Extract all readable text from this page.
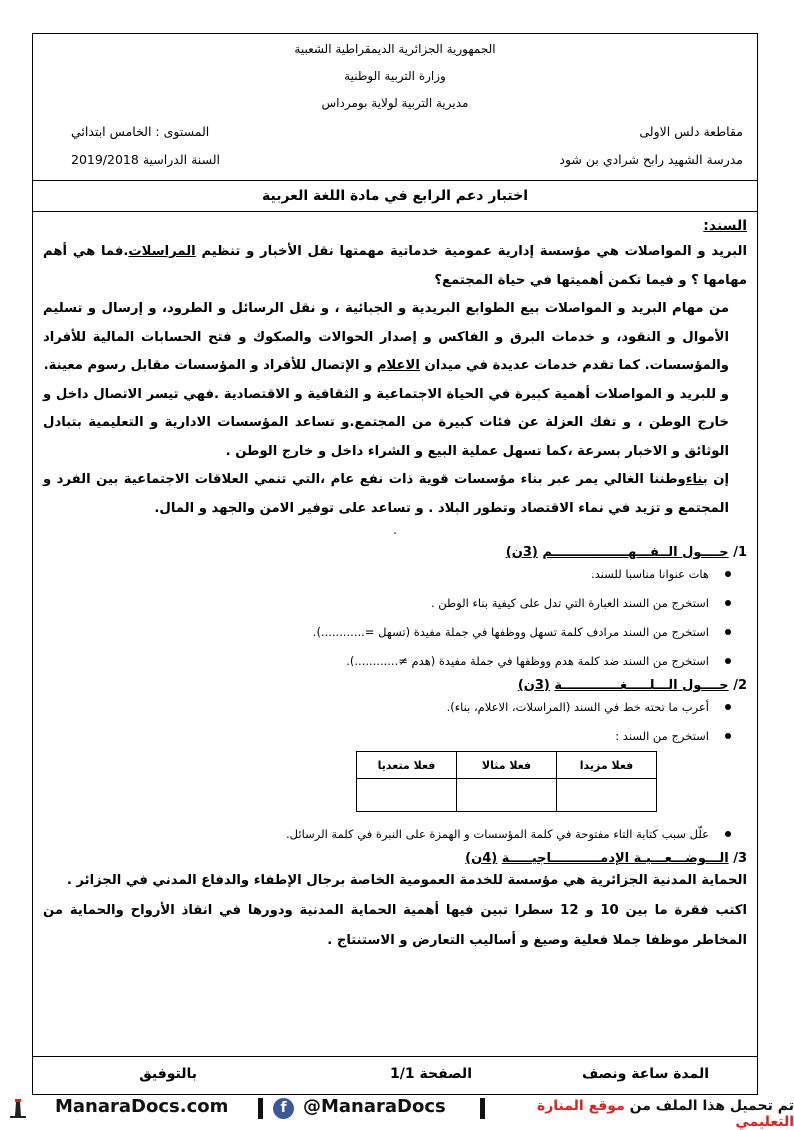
الجمهورية الجزائرية الديمقراطية الشعبية
وزارة التربية الوطنية
مديرية التربية لولاية بومرداس
مقاطعة دلس الاولى
المستوى : الخامس ابتدائي
مدرسة الشهيد رابح شرادي بن شود
السنة الدراسية 2019/2018
اختبار دعم الرابع في مادة اللغة العربية
السند:

البريد و المواصلات هي مؤسسة إدارية عمومية خدماتية مهمتها نقل الأخبار و تنظيم المراسلات.فما هي أهم مهامها ؟ و فيما تكمن أهميتها في حياة المجتمع؟

من مهام البريد و المواصلات بيع الطوابع البريدية و الجبائية ، و نقل الرسائل و الطرود، و إرسال و تسليم الأموال و النقود، و خدمات البرق و الفاكس و إصدار الحوالات والصكوك و فتح الحسابات المالية للأفراد والمؤسسات. كما تقدم خدمات عديدة في ميدان الاعلام و الإتصال للأفراد و المؤسسات مقابل رسوم معينة.

و للبريد و المواصلات أهمية كبيرة في الحياة الاجتماعية و الثقافية و الاقتصادية .فهي تيسر الاتصال داخل و خارج الوطن ، و تفك العزلة عن فئات كبيرة من المجتمع.و تساعد المؤسسات الادارية و التعليمية بتبادل الوثائق و الاخبار بسرعة ،كما تسهل عملية البيع و الشراء داخل و خارج الوطن .

إن بناءوطننا الغالي يمر عبر بناء مؤسسات قوية ذات نفع عام ،التي تنمي العلاقات الاجتماعية بين الفرد و المجتمع و تزيد في نماء الاقتصاد وتطور البلاد . و تساعد على توفير الامن والجهد و المال.

.
1/ حــــول الــفـــهـــــــــــــــــم (3ن)
هات عنوانا مناسبا للسند.
استخرج من السند العبارة التي تدل على كيفية بناء الوطن .
استخرج من السند مرادف كلمة تسهل ووظفها في جملة مفيدة (تسهل =............).
استخرج من السند ضد كلمة هدم ووظفها في جملة مفيدة (هدم ≠............).
2/ حــــول الـــلـــــغـــــــــــــة (3ن)
أعرب ما تحته خط في السند (المراسلات، الاعلام، بناء).
استخرج من السند :
فعلا مزيدا	فعلا مثالا	فعلا متعديا

علّل سبب كتابة التاء مفتوحة في كلمة المؤسسات و الهمزة على النبرة في كلمة الرسائل.
3/ الـــوضـــعـــيـة الإدمـــــــــــاجيـــــة (4ن)

الحماية المدنية الجزائرية هي مؤسسة للخدمة العمومية الخاصة برجال الإطفاء والدفاع المدني في الجزائر .

اكتب فقرة ما بين 10 و 12 سطرا تبين فيها أهمية الحماية المدنية ودورها في انقاذ الأرواح والحماية من المخاطر موظفا جملا فعلية وصيغ و أساليب التعارض و الاستنتاج .

المدة ساعة ونصف
الصفحة 1/1
بالتوفيق
ManaraDocs.com	f @ManaraDocs	تم تحميل هذا الملف من موقع المنارة التعليمي
